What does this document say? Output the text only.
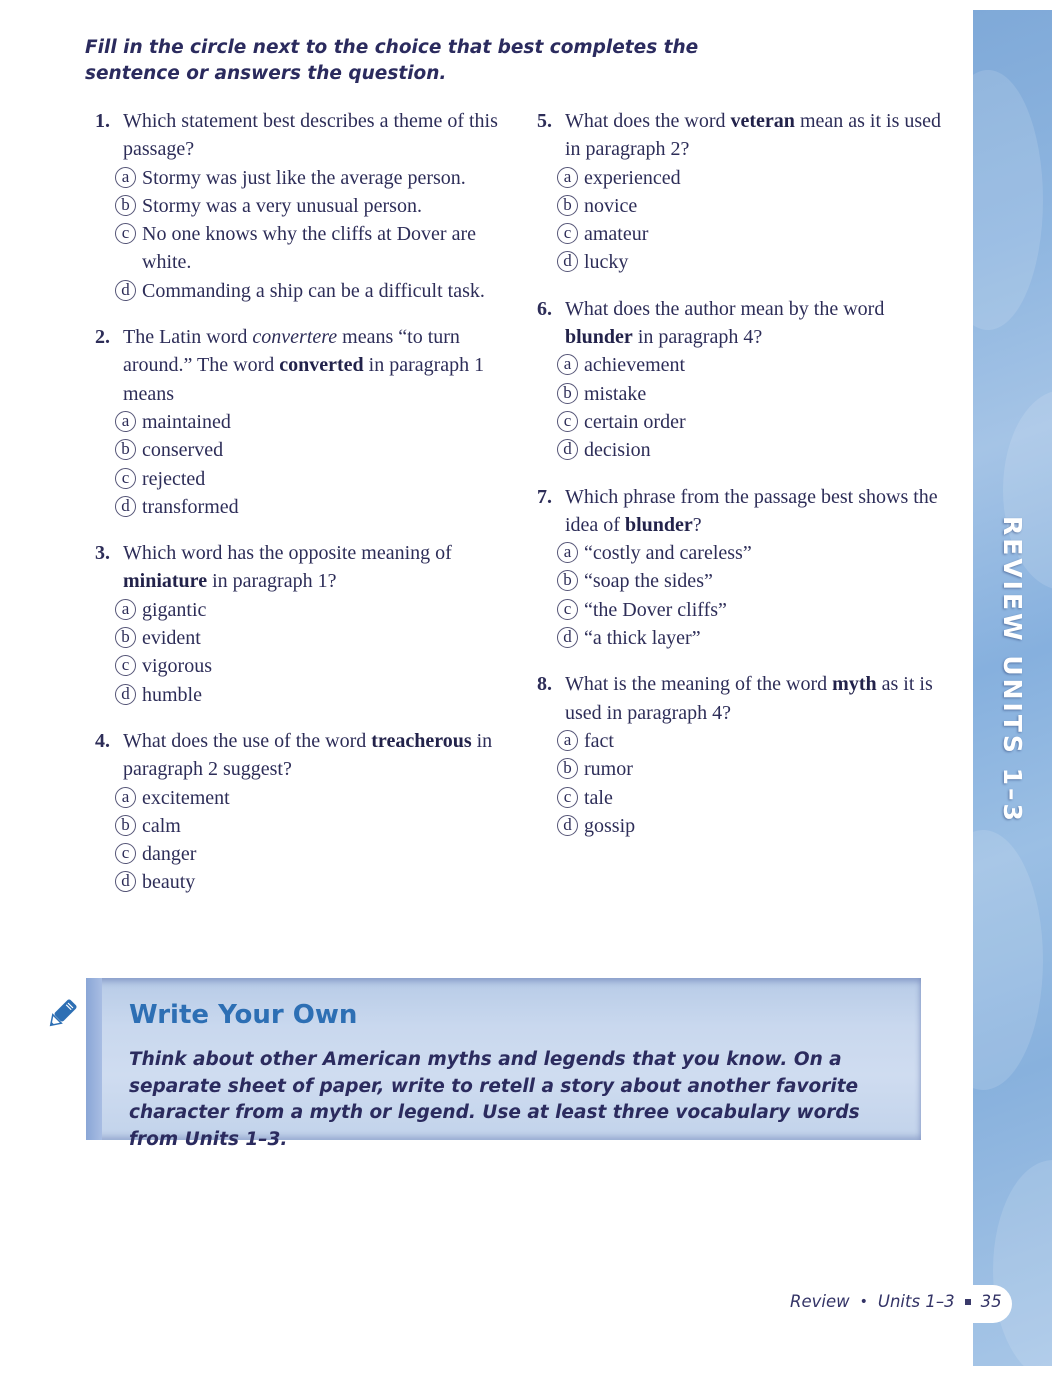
REVIEW UNITS 1–3

Fill in the circle next to the choice that best completes the sentence or answers the question.

1. Which statement best describes a theme of this passage?
a Stormy was just like the average person.
b Stormy was a very unusual person.
c No one knows why the cliffs at Dover are white.
d Commanding a ship can be a difficult task.
2. The Latin word convertere means “to turn around.” The word converted in paragraph 1 means
a maintained
b conserved
c rejected
d transformed
3. Which word has the opposite meaning of miniature in paragraph 1?
a gigantic
b evident
c vigorous
d humble
4. What does the use of the word treacherous in paragraph 2 suggest?
a excitement
b calm
c danger
d beauty
5. What does the word veteran mean as it is used in paragraph 2?
a experienced
b novice
c amateur
d lucky
6. What does the author mean by the word blunder in paragraph 4?
a achievement
b mistake
c certain order
d decision
7. Which phrase from the passage best shows the idea of blunder?
a “costly and careless”
b “soap the sides”
c “the Dover cliffs”
d “a thick layer”
8. What is the meaning of the word myth as it is used in paragraph 4?
a fact
b rumor
c tale
d gossip
Write Your Own

Think about other American myths and legends that you know. On a separate sheet of paper, write to retell a story about another favorite character from a myth or legend. Use at least three vocabulary words from Units 1–3.

Review • Units 1–3 35
